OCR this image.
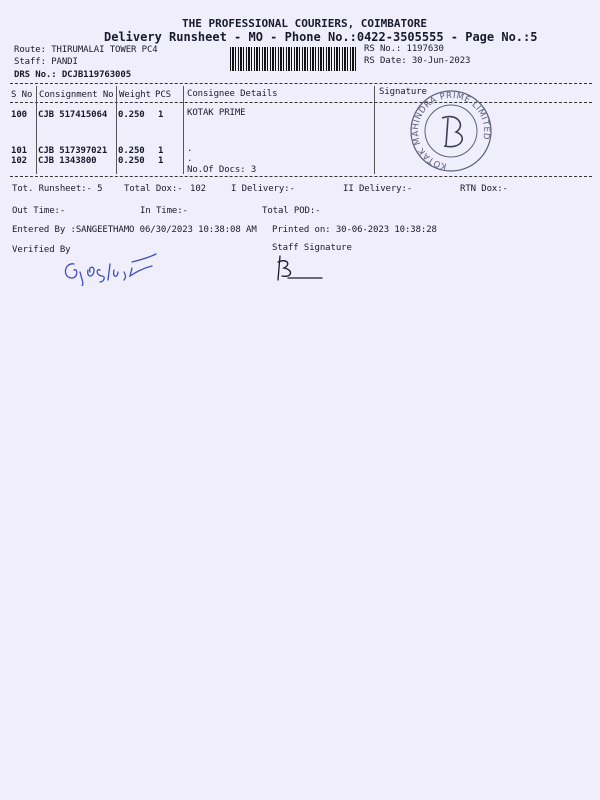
THE PROFESSIONAL COURIERS, COIMBATORE
Delivery Runsheet - MO - Phone No.:0422-3505555 - Page No.:5
Route: THIRUMALAI TOWER PC4
Staff: PANDI
DRS No.: DCJB119763005
RS No.: 1197630
RS Date: 30-Jun-2023
S No Consignment No Weight PCS Consignee Details	Signature
100 CJB 517415064 0.250 1	KOTAK PRIME
101 CJB 517397021 0.250 1	.
102 CJB 1343800 0.250 1	.
No.Of Docs: 3	KOTAK MAHINDRA PRIME LIMITED
Tot. Runsheet:- 5 Total Dox:- 102	I Delivery:-	II Delivery:-	RTN Dox:-
Out Time:-	In Time:-	Total POD:-
Entered By :SANGEETHAMO 06/30/2023 10:38:08 AM Printed on: 30-06-2023 10:38:28
Verified By	Staff Signature
